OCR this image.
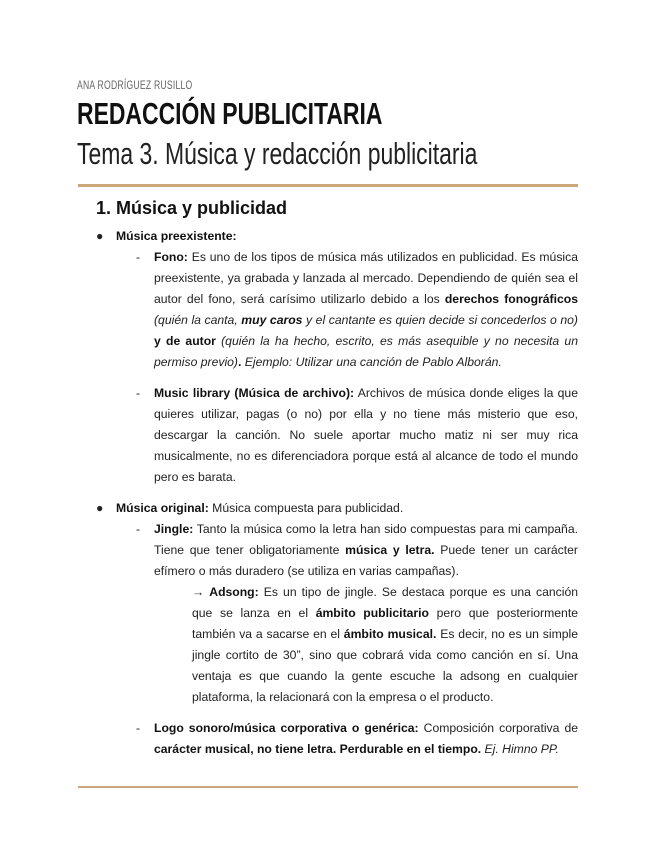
ANA RODRÍGUEZ RUSILLO
REDACCIÓN PUBLICITARIA
Tema 3. Música y redacción publicitaria
1. Música y publicidad
● Música preexistente:
- Fono: Es uno de los tipos de música más utilizados en publicidad. Es música preexistente, ya grabada y lanzada al mercado. Dependiendo de quién sea el autor del fono, será carísimo utilizarlo debido a los derechos fonográficos (quién la canta, muy caros y el cantante es quien decide si concederlos o no) y de autor (quién la ha hecho, escrito, es más asequible y no necesita un permiso previo). Ejemplo: Utilizar una canción de Pablo Alborán.
- Music library (Música de archivo): Archivos de música donde eliges la que quieres utilizar, pagas (o no) por ella y no tiene más misterio que eso, descargar la canción. No suele aportar mucho matiz ni ser muy rica musicalmente, no es diferenciadora porque está al alcance de todo el mundo pero es barata.
● Música original: Música compuesta para publicidad.
- Jingle: Tanto la música como la letra han sido compuestas para mi campaña. Tiene que tener obligatoriamente música y letra. Puede tener un carácter efímero o más duradero (se utiliza en varias campañas).
→ Adsong: Es un tipo de jingle. Se destaca porque es una canción que se lanza en el ámbito publicitario pero que posteriormente también va a sacarse en el ámbito musical. Es decir, no es un simple jingle cortito de 30”, sino que cobrará vida como canción en sí. Una ventaja es que cuando la gente escuche la adsong en cualquier plataforma, la relacionará con la empresa o el producto.
- Logo sonoro/música corporativa o genérica: Composición corporativa de carácter musical, no tiene letra. Perdurable en el tiempo. Ej. Himno PP.
